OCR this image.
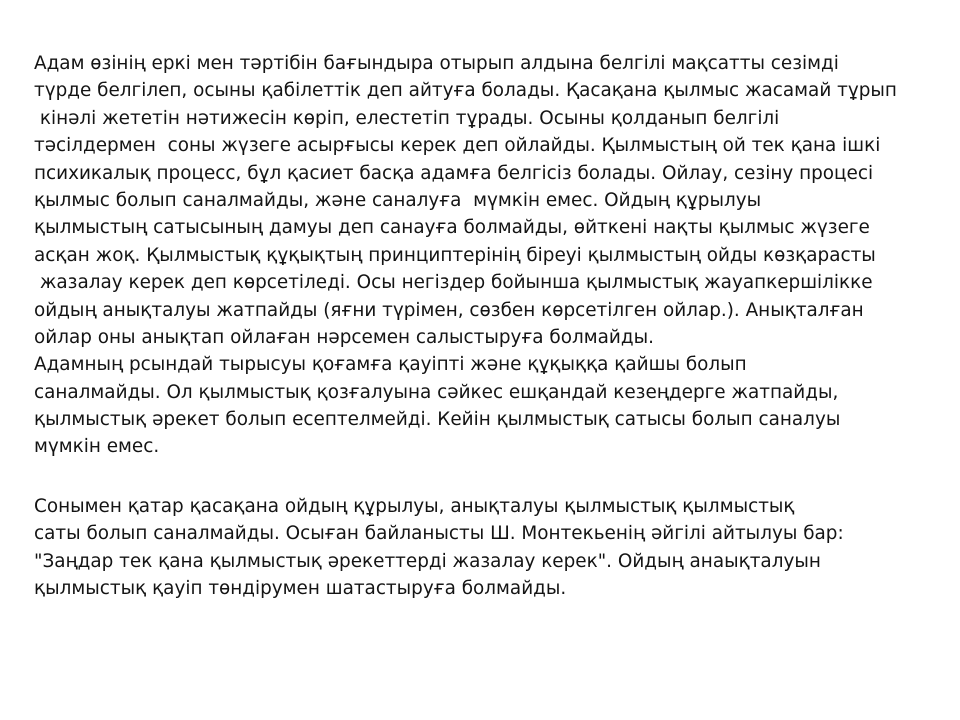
Адам өзінің еркі мен тәртібін бағындыра отырып алдына белгілі мақсатты сезімді
түрде белгілеп, осыны қабілеттік деп айтуға болады. Қасақана қылмыс жасамай тұрып
кінәлі жететін нәтижесін көріп, елестетіп тұрады. Осыны қолданып белгілі
тәсілдермен  соны жүзеге асырғысы керек деп ойлайды. Қылмыстың ой тек қана ішкі
психикалық процесс, бұл қасиет басқа адамға белгісіз болады. Ойлау, сезіну процесі
қылмыс болып саналмайды, және саналуға  мүмкін емес. Ойдың құрылуы
қылмыстың сатысының дамуы деп санауға болмайды, өйткені нақты қылмыс жүзеге
асқан жоқ. Қылмыстық құқықтың принциптерінің біреуі қылмыстың ойды көзқарасты
жазалау керек деп көрсетіледі. Осы негіздер бойынша қылмыстық жауапкершілікке
ойдың анықталуы жатпайды (яғни түрімен, сөзбен көрсетілген ойлар.). Анықталған
ойлар оны анықтап ойлаған нәрсемен салыстыруға болмайды.
Адамның рсындай тырысуы қоғамға қауіпті және құқыққа қайшы болып
саналмайды. Ол қылмыстық қозғалуына сәйкес ешқандай кезеңдерге жатпайды,
қылмыстық әрекет болып есептелмейді. Кейін қылмыстық сатысы болып саналуы
мүмкін емес.
Сонымен қатар қасақана ойдың құрылуы, анықталуы қылмыстық қылмыстық
саты болып саналмайды. Осыған байланысты Ш. Монтекьенің әйгілі айтылуы бар:
"Заңдар тек қана қылмыстық әрекеттерді жазалау керек". Ойдың анаықталуын
қылмыстық қауіп төндірумен шатастыруға болмайды.
